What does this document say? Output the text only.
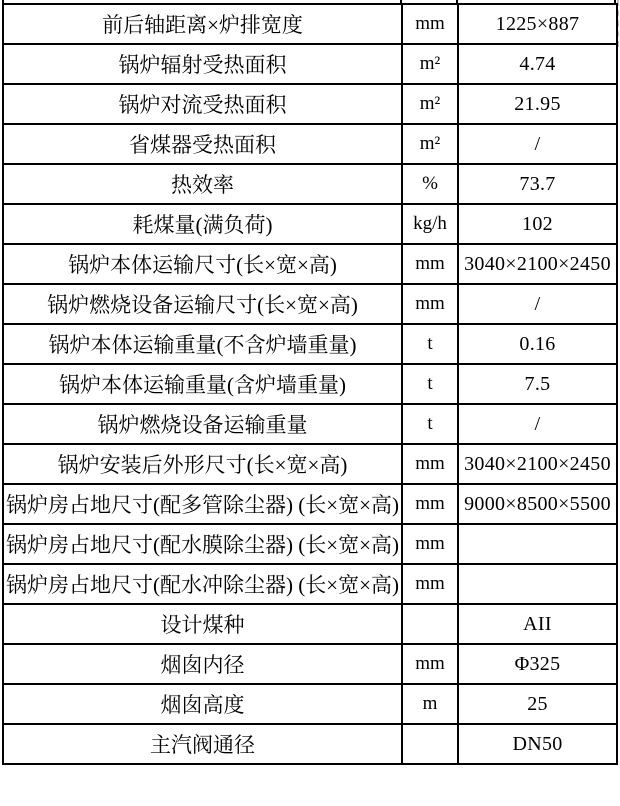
前后轴距离×炉排宽度	mm	1225×887
锅炉辐射受热面积	m²	4.74
锅炉对流受热面积	m²	21.95
省煤器受热面积	m²	/
热效率	%	73.7
耗煤量(满负荷)	kg/h	102
锅炉本体运输尺寸(长×宽×高)	mm	3040×2100×2450
锅炉燃烧设备运输尺寸(长×宽×高)	mm	/
锅炉本体运输重量(不含炉墙重量)	t	0.16
锅炉本体运输重量(含炉墙重量)	t	7.5
锅炉燃烧设备运输重量	t	/
锅炉安装后外形尺寸(长×宽×高)	mm	3040×2100×2450
锅炉房占地尺寸(配多管除尘器) (长×宽×高)	mm	9000×8500×5500
锅炉房占地尺寸(配水膜除尘器) (长×宽×高)	mm	
锅炉房占地尺寸(配水冲除尘器) (长×宽×高)	mm	
设计煤种		AII
烟囱内径	mm	Φ325
烟囱高度	m	25
主汽阀通径		DN50
